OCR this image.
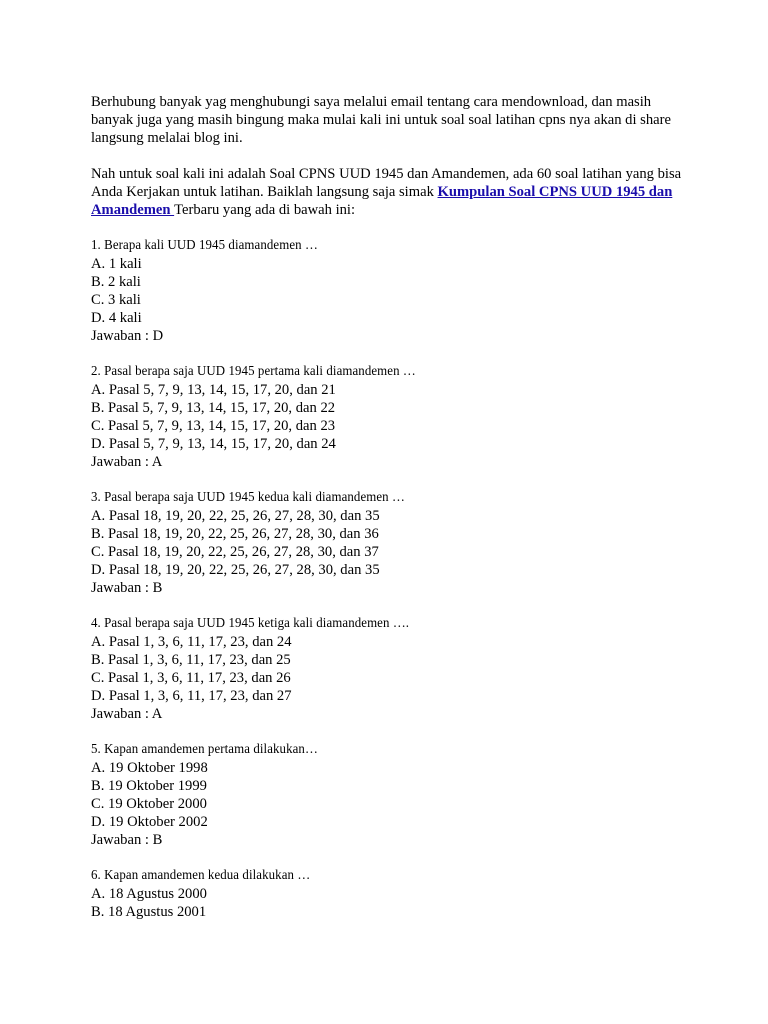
Berhubung banyak yag menghubungi saya melalui email tentang cara mendownload, dan masih banyak juga yang masih bingung maka mulai kali ini untuk soal soal latihan cpns nya akan di share langsung melalai blog ini.

Nah untuk soal kali ini adalah Soal CPNS UUD 1945 dan Amandemen, ada 60 soal latihan yang bisa Anda Kerjakan untuk latihan. Baiklah langsung saja simak Kumpulan Soal CPNS UUD 1945 dan Amandemen Terbaru yang ada di bawah ini:

1. Berapa kali UUD 1945 diamandemen …
A. 1 kali
B. 2 kali
C. 3 kali
D. 4 kali
Jawaban : D
2. Pasal berapa saja UUD 1945 pertama kali diamandemen …
A. Pasal 5, 7, 9, 13, 14, 15, 17, 20, dan 21
B. Pasal 5, 7, 9, 13, 14, 15, 17, 20, dan 22
C. Pasal 5, 7, 9, 13, 14, 15, 17, 20, dan 23
D. Pasal 5, 7, 9, 13, 14, 15, 17, 20, dan 24
Jawaban : A
3. Pasal berapa saja UUD 1945 kedua kali diamandemen …
A. Pasal 18, 19, 20, 22, 25, 26, 27, 28, 30, dan 35
B. Pasal 18, 19, 20, 22, 25, 26, 27, 28, 30, dan 36
C. Pasal 18, 19, 20, 22, 25, 26, 27, 28, 30, dan 37
D. Pasal 18, 19, 20, 22, 25, 26, 27, 28, 30, dan 35
Jawaban : B
4. Pasal berapa saja UUD 1945 ketiga kali diamandemen ….
A. Pasal 1, 3, 6, 11, 17, 23, dan 24
B. Pasal 1, 3, 6, 11, 17, 23, dan 25
C. Pasal 1, 3, 6, 11, 17, 23, dan 26
D. Pasal 1, 3, 6, 11, 17, 23, dan 27
Jawaban : A
5. Kapan amandemen pertama dilakukan…
A. 19 Oktober 1998
B. 19 Oktober 1999
C. 19 Oktober 2000
D. 19 Oktober 2002
Jawaban : B
6. Kapan amandemen kedua dilakukan …
A. 18 Agustus 2000
B. 18 Agustus 2001
